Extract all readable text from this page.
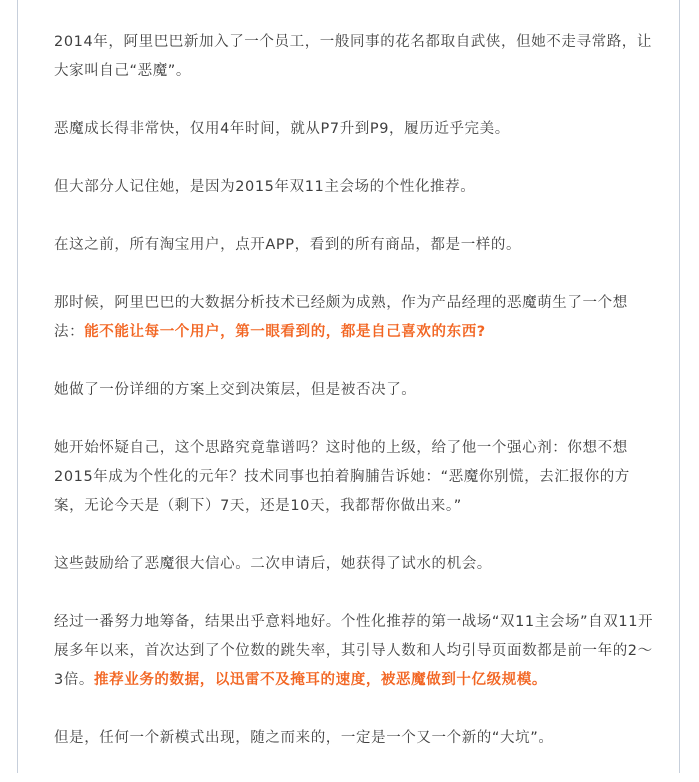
2014年，阿里巴巴新加入了一个员工，一般同事的花名都取自武侠，但她不走寻常路，让大家叫自己“恶魔”。

恶魔成长得非常快，仅用4年时间，就从P7升到P9，履历近乎完美。

但大部分人记住她，是因为2015年双11主会场的个性化推荐。

在这之前，所有淘宝用户，点开APP，看到的所有商品，都是一样的。

那时候，阿里巴巴的大数据分析技术已经颇为成熟，作为产品经理的恶魔萌生了一个想法：能不能让每一个用户，第一眼看到的，都是自己喜欢的东西?

她做了一份详细的方案上交到决策层，但是被否决了。

她开始怀疑自己，这个思路究竟靠谱吗？这时他的上级，给了他一个强心剂：你想不想2015年成为个性化的元年？技术同事也拍着胸脯告诉她：“恶魔你别慌，去汇报你的方案，无论今天是（剩下）7天，还是10天，我都帮你做出来。”

这些鼓励给了恶魔很大信心。二次申请后，她获得了试水的机会。

经过一番努力地筹备，结果出乎意料地好。个性化推荐的第一战场“双11主会场”自双11开展多年以来，首次达到了个位数的跳失率，其引导人数和人均引导页面数都是前一年的2～3倍。推荐业务的数据，以迅雷不及掩耳的速度，被恶魔做到十亿级规模。

但是，任何一个新模式出现，随之而来的，一定是一个又一个新的“大坑”。
